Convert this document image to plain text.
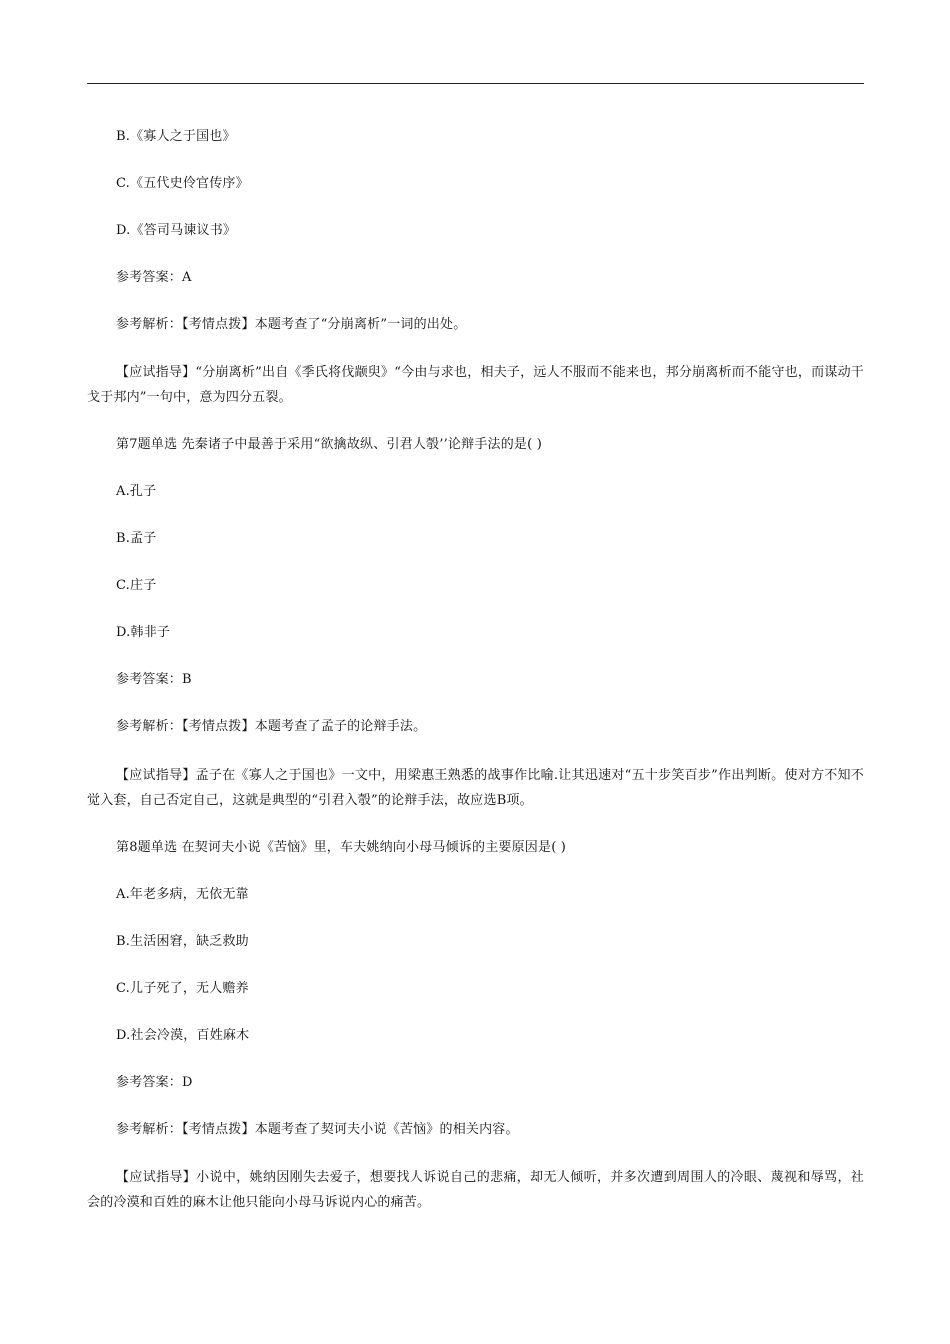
B.《寡人之于国也》
C.《五代史伶官传序》
D.《答司马谏议书》
参考答案：A
参考解析：【考情点拨】本题考查了“分崩离析”一词的出处。
【应试指导】“分崩离析”出自《季氏将伐颛臾》“今由与求也，相夫子，远人不服而不能来也，邦分崩离析而不能守也，而谋动干戈于邦内”一句中，意为四分五裂。
第7题单选 先秦诸子中最善于采用“欲擒故纵、引君人彀’’论辩手法的是( )
A.孔子
B.孟子
C.庄子
D.韩非子
参考答案：B
参考解析：【考情点拨】本题考查了孟子的论辩手法。
【应试指导】孟子在《寡人之于国也》一文中，用梁惠王熟悉的战事作比喻.让其迅速对“五十步笑百步”作出判断。使对方不知不觉入套，自己否定自己，这就是典型的“引君入彀”的论辩手法，故应选B项。
第8题单选 在契诃夫小说《苦恼》里，车夫姚纳向小母马倾诉的主要原因是( )
A.年老多病，无依无靠
B.生活困窘，缺乏救助
C.儿子死了，无人赡养
D.社会冷漠，百姓麻木
参考答案：D
参考解析：【考情点拨】本题考查了契诃夫小说《苦恼》的相关内容。
【应试指导】小说中，姚纳因刚失去爱子，想要找人诉说自己的悲痛，却无人倾听，并多次遭到周围人的冷眼、蔑视和辱骂，社会的冷漠和百姓的麻木让他只能向小母马诉说内心的痛苦。
